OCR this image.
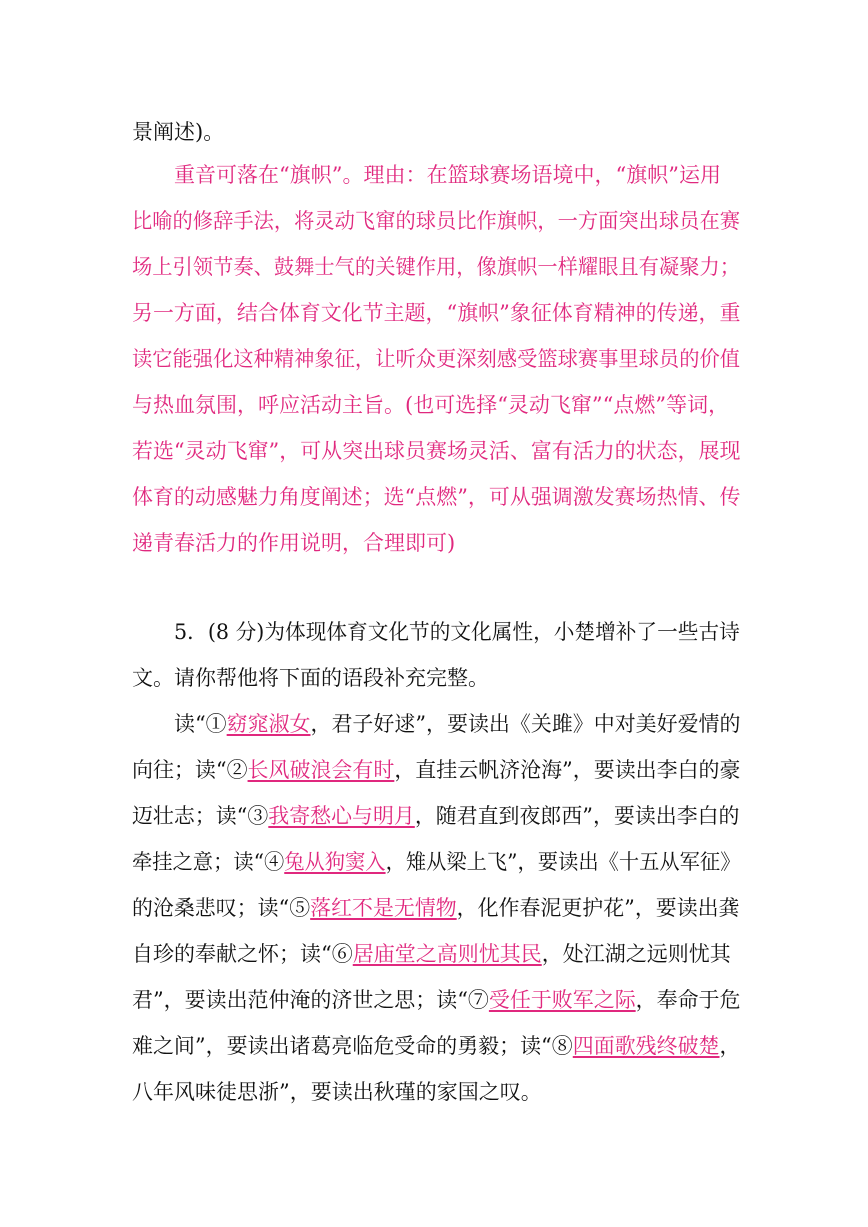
景阐述)。

重音可落在“旗帜”。理由：在篮球赛场语境中，“旗帜”运用
比喻的修辞手法，将灵动飞窜的球员比作旗帜，一方面突出球员在赛
场上引领节奏、鼓舞士气的关键作用，像旗帜一样耀眼且有凝聚力；
另一方面，结合体育文化节主题，“旗帜”象征体育精神的传递，重
读它能强化这种精神象征，让听众更深刻感受篮球赛事里球员的价值
与热血氛围，呼应活动主旨。(也可选择“灵动飞窜”“点燃”等词，
若选“灵动飞窜”，可从突出球员赛场灵活、富有活力的状态，展现
体育的动感魅力角度阐述；选“点燃”，可从强调激发赛场热情、传
递青春活力的作用说明，合理即可)

5．(8 分)为体现体育文化节的文化属性，小楚增补了一些古诗
文。请你帮他将下面的语段补充完整。

读“①窈窕淑女，君子好逑”，要读出《关雎》中对美好爱情的
向往；读“②长风破浪会有时，直挂云帆济沧海”，要读出李白的豪
迈壮志；读“③我寄愁心与明月，随君直到夜郎西”，要读出李白的
牵挂之意；读“④兔从狗窦入，雉从梁上飞”，要读出《十五从军征》
的沧桑悲叹；读“⑤落红不是无情物，化作春泥更护花”，要读出龚
自珍的奉献之怀；读“⑥居庙堂之高则忧其民，处江湖之远则忧其
君”，要读出范仲淹的济世之思；读“⑦受任于败军之际，奉命于危
难之间”，要读出诸葛亮临危受命的勇毅；读“⑧四面歌残终破楚，
八年风味徒思浙”，要读出秋瑾的家国之叹。
